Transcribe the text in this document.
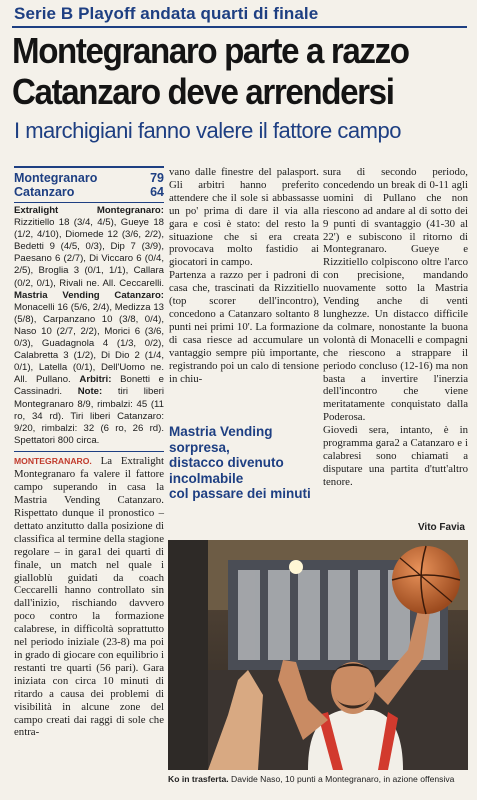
Serie B Playoff andata quarti di finale
Montegranaro parte a razzo
Catanzaro deve arrendersi
I marchigiani fanno valere il fattore campo
Montegranaro	79
Catanzaro	64
Extralight Montegranaro: Rizzitiello 18 (3/4, 4/5), Gueye 18 (1/2, 4/10), Diomede 12 (3/6, 2/2), Bedetti 9 (4/5, 0/3), Dip 7 (3/9), Paesano 6 (2/7), Di Viccaro 6 (0/4, 2/5), Broglia 3 (0/1, 1/1), Callara (0/2, 0/1), Rivali ne. All. Ceccarelli. Mastria Vending Catanzaro: Monacelli 16 (5/6, 2/4), Medizza 13 (5/8), Carpanzano 10 (3/8, 0/4), Naso 10 (2/7, 2/2), Morici 6 (3/6, 0/3), Guadagnola 4 (1/3, 0/2), Calabretta 3 (1/2), Di Dio 2 (1/4, 0/1), Latella (0/1), Dell'Uomo ne. All. Pullano. Arbitri: Bonetti e Cassinadri. Note: tiri liberi Montegranaro 8/9, rimbalzi: 45 (11 ro, 34 rd). Tiri liberi Catanzaro: 9/20, rimbalzi: 32 (6 ro, 26 rd). Spettatori 800 circa.

MONTEGRANARO. La Extralight Montegranaro fa valere il fattore campo superando in casa la Mastria Vending Catanzaro. Rispettato dunque il pronostico – dettato anzitutto dalla posizione di classifica al termine della stagione regolare – in gara1 dei quarti di finale, un match nel quale i gialloblù guidati da coach Ceccarelli hanno controllato sin dall'inizio, rischiando davvero poco contro la formazione calabrese, in difficoltà soprattutto nel periodo iniziale (23-8) ma poi in grado di giocare con equilibrio i restanti tre quarti (56 pari). Gara iniziata con circa 10 minuti di ritardo a causa dei problemi di visibilità in alcune zone del campo creati dai raggi di sole che entra-

vano dalle finestre del palasport. Gli arbitri hanno preferito attendere che il sole si abbassasse un po' prima di dare il via alla gara e così è stato: del resto la situazione che si era creata provocava molto fastidio ai giocatori in campo.

Partenza a razzo per i padroni di casa che, trascinati da Rizzitiello (top scorer dell'incontro), concedono a Catanzaro soltanto 8 punti nei primi 10'. La formazione di casa riesce ad accumulare un vantaggio sempre più importante, registrando poi un calo di tensione in chiu-

sura di secondo periodo, concedendo un break di 0-11 agli uomini di Pullano che non riescono ad andare al di sotto dei 9 punti di svantaggio (41-30 al 22') e subiscono il ritorno di Montegranaro. Gueye e Rizzitiello colpiscono oltre l'arco con precisione, mandando nuovamente sotto la Mastria Vending anche di venti lunghezze. Un distacco difficile da colmare, nonostante la buona volontà di Monacelli e compagni che riescono a strappare il periodo concluso (12-16) ma non basta a invertire l'inerzia dell'incontro che viene meritatamente conquistato dalla Poderosa.

Giovedì sera, intanto, è in programma gara2 a Catanzaro e i calabresi sono chiamati a disputare una partita d'tutt'altro tenore.

Mastria Vending
sorpresa,
distacco divenuto
incolmabile
col passare dei minuti
Vito Favia
Ko in trasferta. Davide Naso, 10 punti a Montegranaro, in azione offensiva
